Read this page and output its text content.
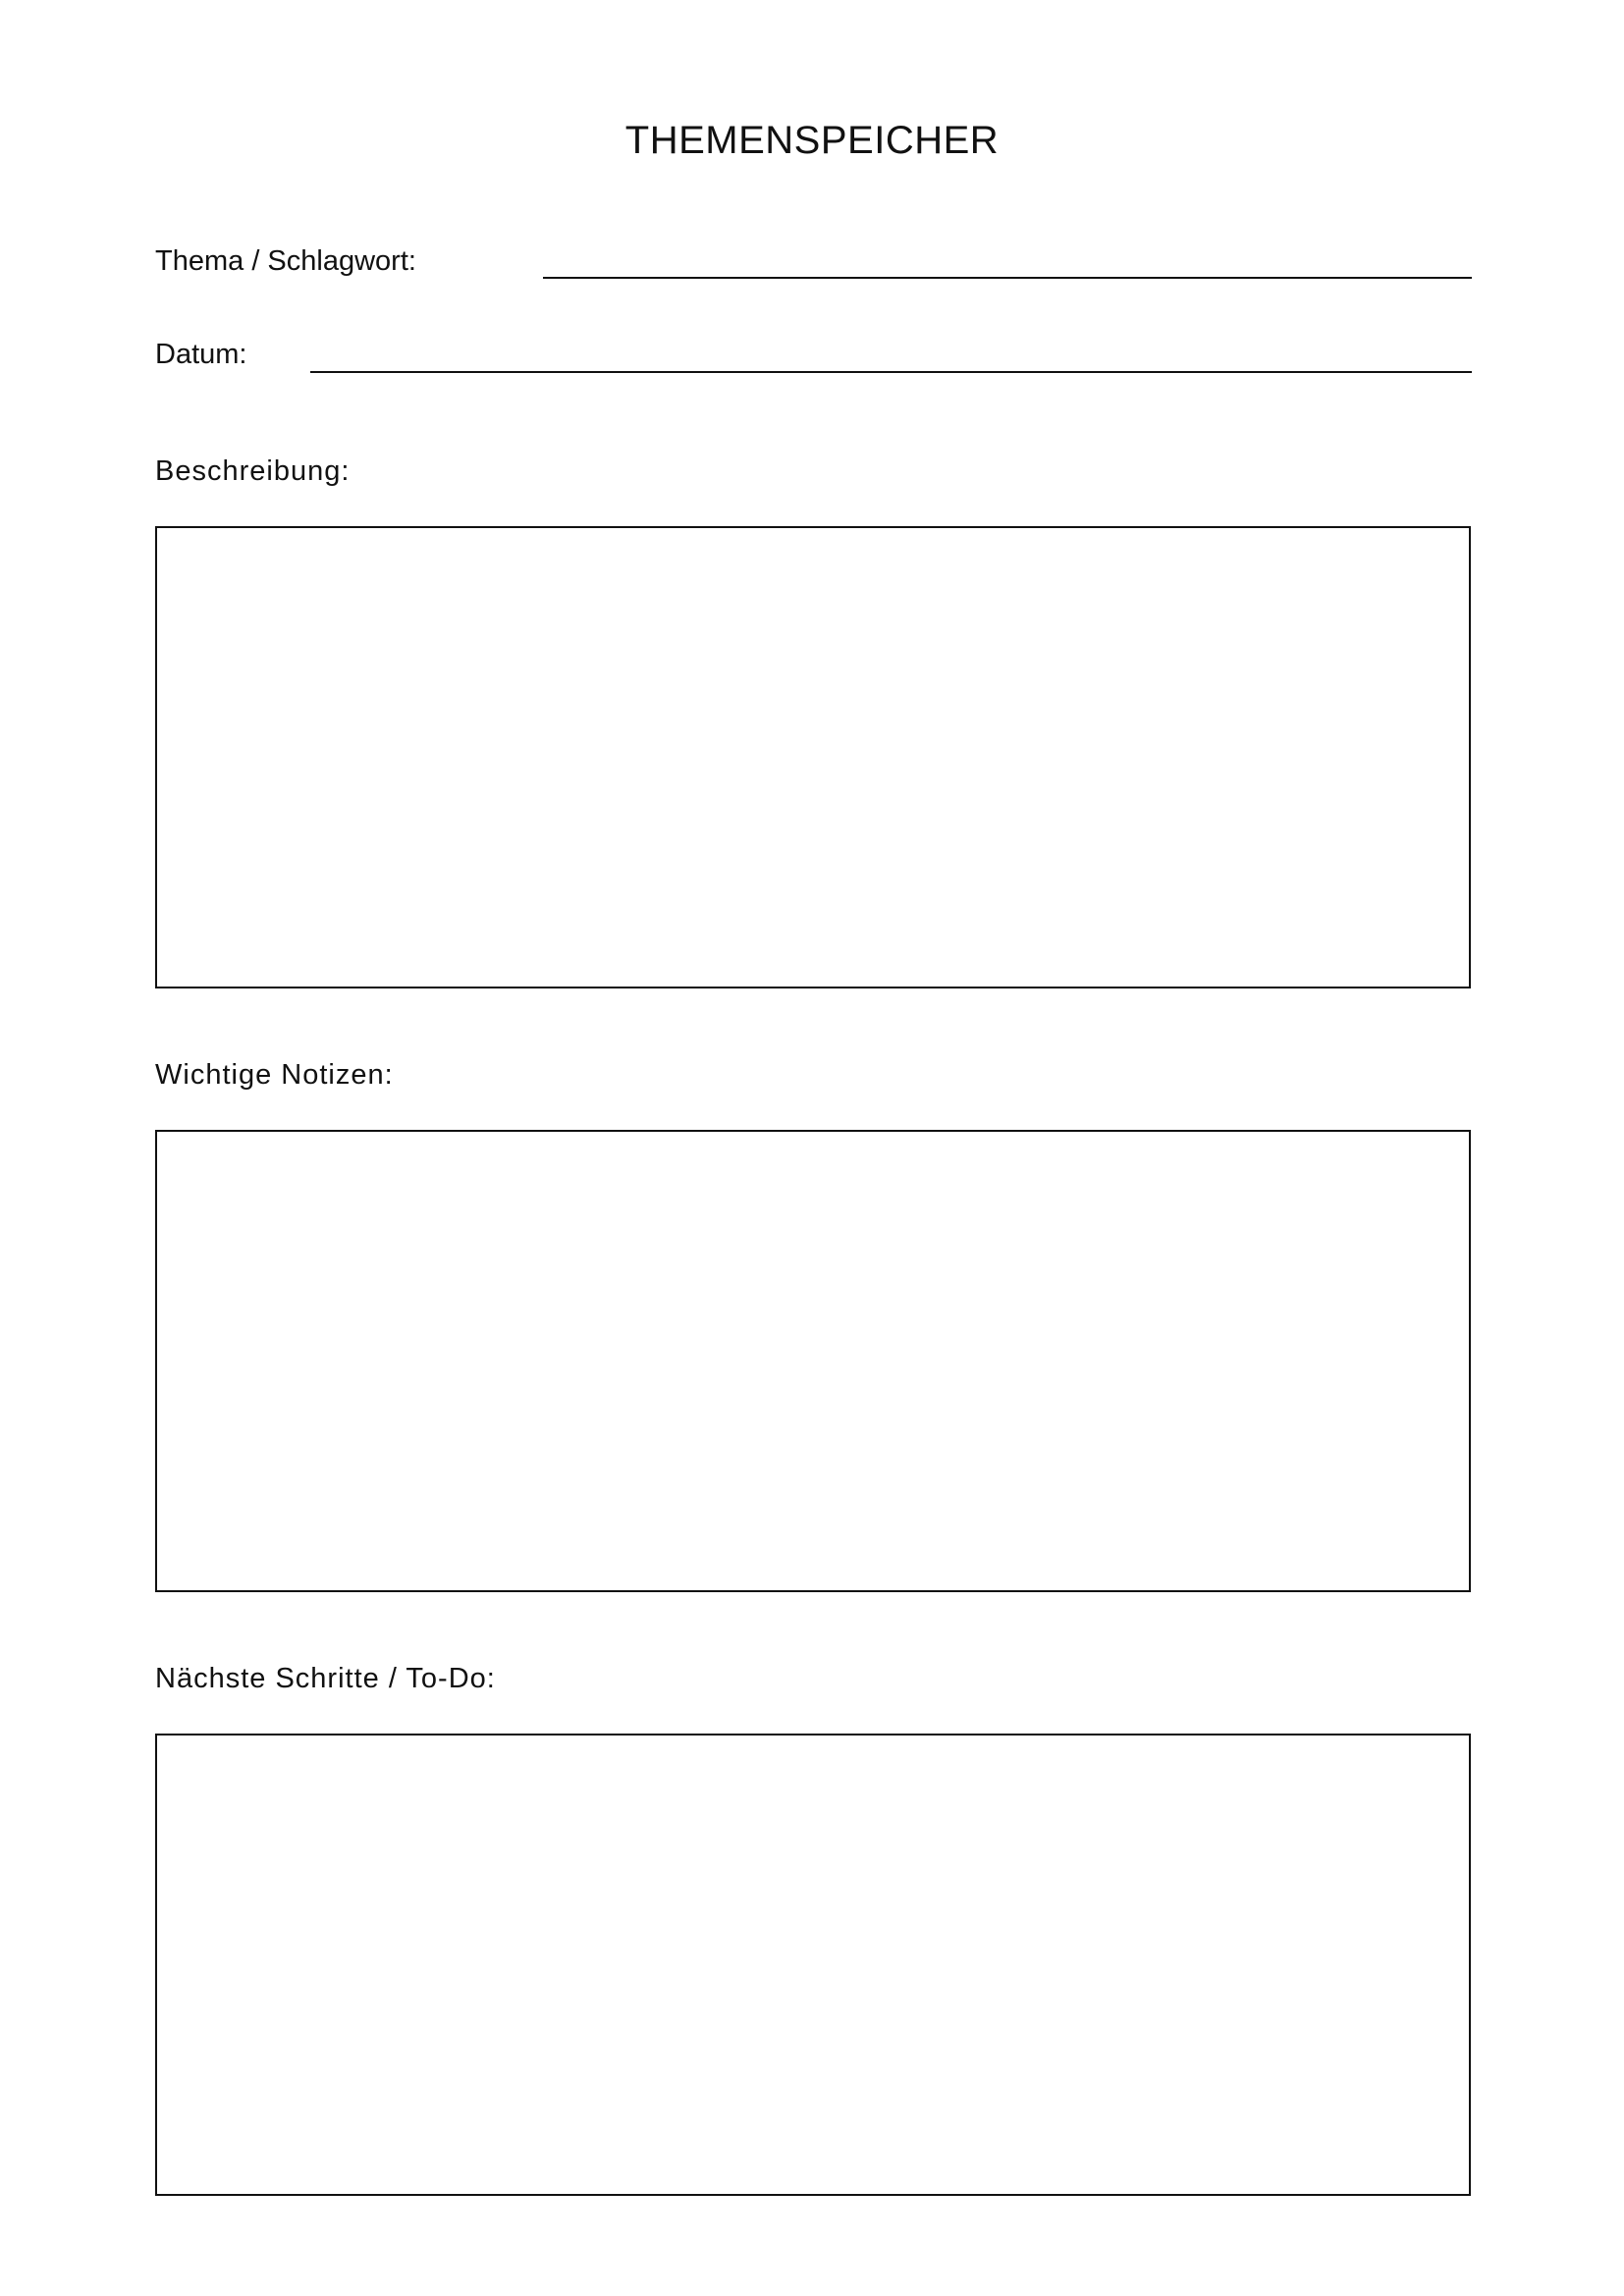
THEMENSPEICHER
Thema / Schlagwort:
Datum:
Beschreibung:
Wichtige Notizen:
Nächste Schritte / To-Do:
